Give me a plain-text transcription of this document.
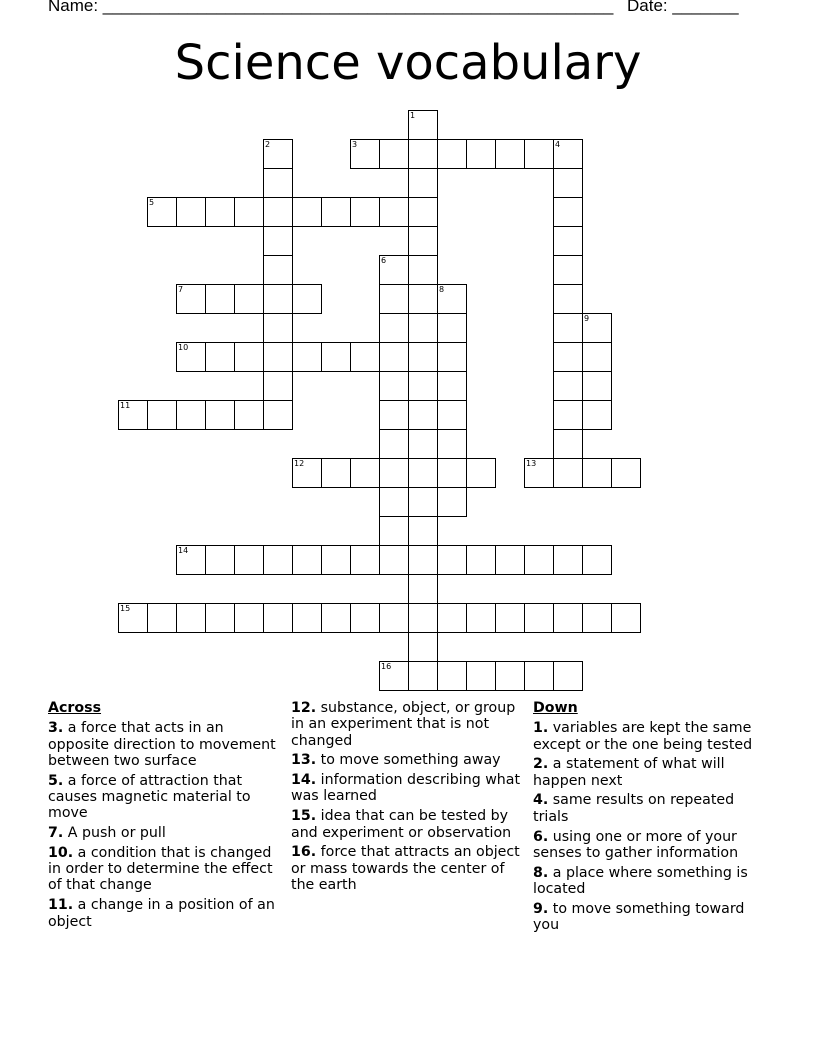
Name: ______________________________________________________ Date: _______
Science vocabulary
1
2	3	4
5
6
7	8
9
10
11
12	13
14
15
16
Across
3. a force that acts in an opposite direction to movement between two surface
5. a force of attraction that causes magnetic material to move
7. A push or pull
10. a condition that is changed in order to determine the effect of that change
11. a change in a position of an object
12. substance, object, or group in an experiment that is not changed
13. to move something away
14. information describing what was learned
15. idea that can be tested by and experiment or observation
16. force that attracts an object or mass towards the center of the earth
Down
1. variables are kept the same except or the one being tested
2. a statement of what will happen next
4. same results on repeated trials
6. using one or more of your senses to gather information
8. a place where something is located
9. to move something toward you
